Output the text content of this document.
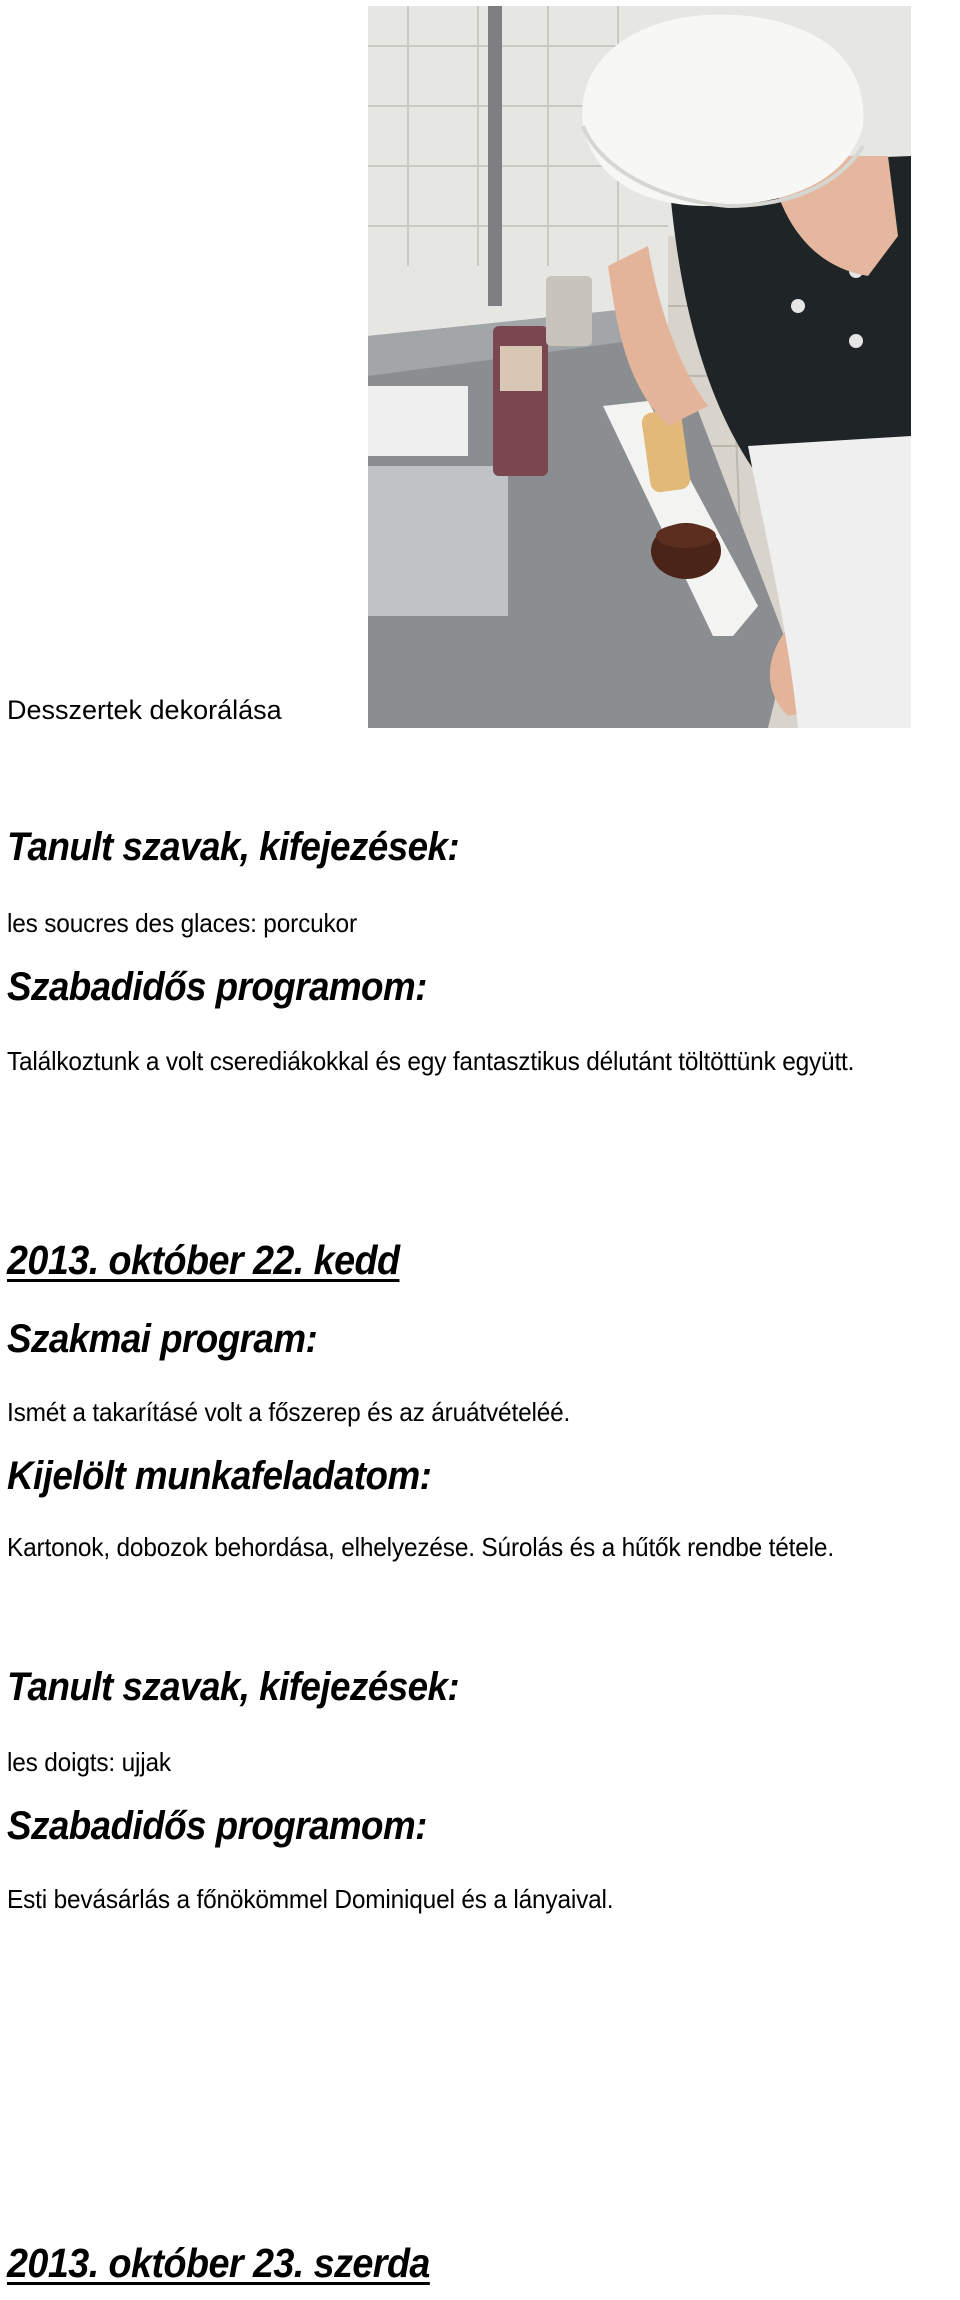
Desszertek dekorálása
Tanult szavak, kifejezések:
les soucres des glaces: porcukor
Szabadidős programom:
Találkoztunk a volt cserediákokkal és egy fantasztikus délutánt töltöttünk együtt.
2013. október 22. kedd
Szakmai program:
Ismét a takarításé volt a főszerep és az áruátvételéé.
Kijelölt munkafeladatom:
Kartonok, dobozok behordása, elhelyezése. Súrolás és a hűtők rendbe tétele.
Tanult szavak, kifejezések:
les doigts: ujjak
Szabadidős programom:
Esti bevásárlás a főnökömmel Dominiquel és a lányaival.
2013. október 23. szerda
